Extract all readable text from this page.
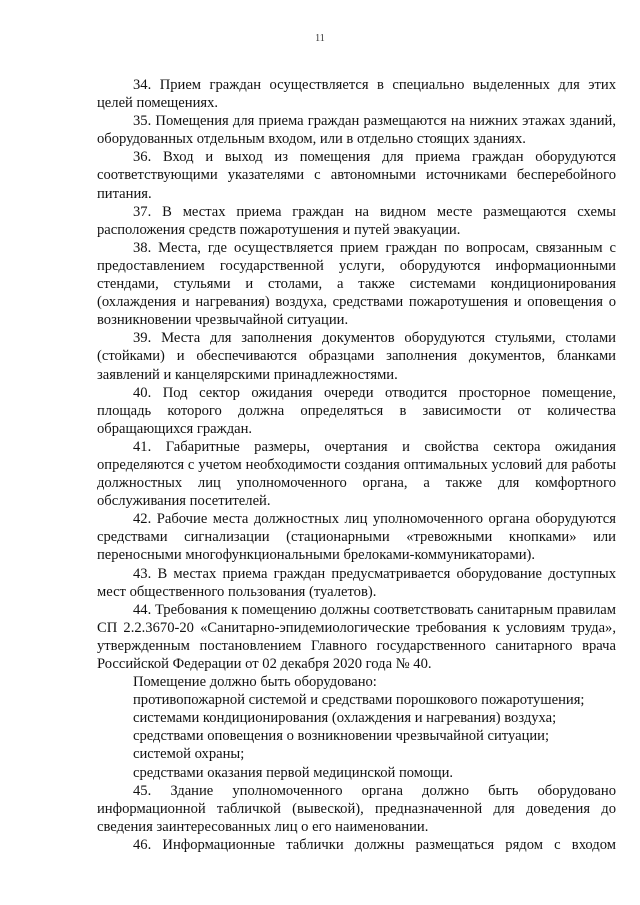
11

34. Прием граждан осуществляется в специально выделенных для этих целей помещениях.

35. Помещения для приема граждан размещаются на нижних этажах зданий, оборудованных отдельным входом, или в отдельно стоящих зданиях.

36. Вход и выход из помещения для приема граждан оборудуются соответствующими указателями с автономными источниками бесперебойного питания.

37. В местах приема граждан на видном месте размещаются схемы расположения средств пожаротушения и путей эвакуации.

38. Места, где осуществляется прием граждан по вопросам, связанным с предоставлением государственной услуги, оборудуются информационными стендами, стульями и столами, а также системами кондиционирования (охлаждения и нагревания) воздуха, средствами пожаротушения и оповещения о возникновении чрезвычайной ситуации.

39. Места для заполнения документов оборудуются стульями, столами (стойками) и обеспечиваются образцами заполнения документов, бланками заявлений и канцелярскими принадлежностями.

40. Под сектор ожидания очереди отводится просторное помещение, площадь которого должна определяться в зависимости от количества обращающихся граждан.

41. Габаритные размеры, очертания и свойства сектора ожидания определяются с учетом необходимости создания оптимальных условий для работы должностных лиц уполномоченного органа, а также для комфортного обслуживания посетителей.

42. Рабочие места должностных лиц уполномоченного органа оборудуются средствами сигнализации (стационарными «тревожными кнопками» или переносными многофункциональными брелоками-коммуникаторами).

43. В местах приема граждан предусматривается оборудование доступных мест общественного пользования (туалетов).

44. Требования к помещению должны соответствовать санитарным правилам СП 2.2.3670-20 «Санитарно-эпидемиологические требования к условиям труда», утвержденным постановлением Главного государственного санитарного врача Российской Федерации от 02 декабря 2020 года № 40.

Помещение должно быть оборудовано:

противопожарной системой и средствами порошкового пожаротушения;

системами кондиционирования (охлаждения и нагревания) воздуха;

средствами оповещения о возникновении чрезвычайной ситуации;

системой охраны;

средствами оказания первой медицинской помощи.

45. Здание уполномоченного органа должно быть оборудовано информационной табличкой (вывеской), предназначенной для доведения до сведения заинтересованных лиц о его наименовании.

46. Информационные таблички должны размещаться рядом с входом
